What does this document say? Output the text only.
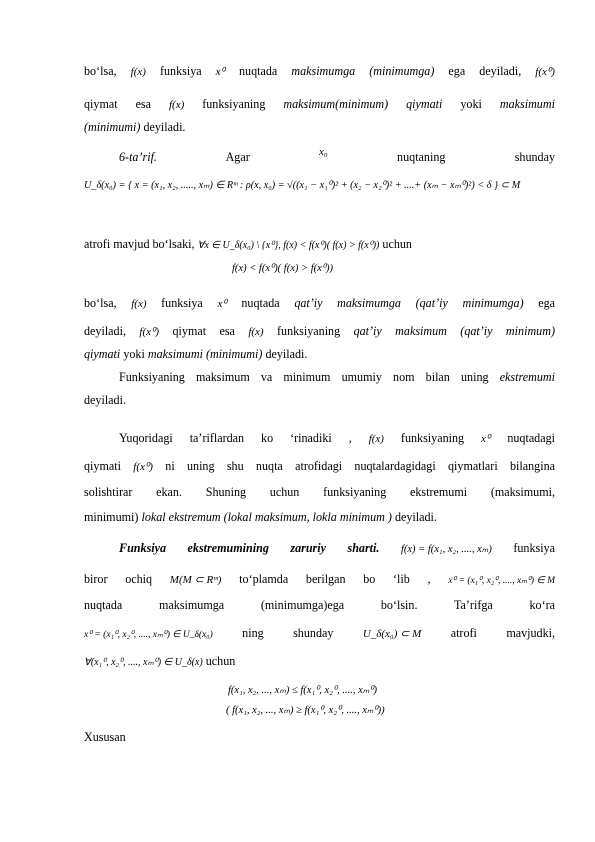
bo‘lsa, f(x) funksiya x⁰ nuqtada maksimumga (minimumga) ega deyiladi, f(x⁰)
qiymat esa f(x) funksiyaning maksimum(minimum) qiymati yoki maksimumi
(minimumi) deyiladi.
6-ta’rif.	Agar	x₀	nuqtaning	shunday
U_δ(x₀) = { x = (x₁, x₂, ....., xₘ) ∈ Rᵐ : ρ(x, x₀) = √((x₁ − x₁⁰)² + (x₂ − x₂⁰)² + ....+ (xₘ − xₘ⁰)²) < δ } ⊂ M
atrofi mavjud bo‘lsaki, ∀x ∈ U_δ(x₀) \ {x⁰}, f(x) < f(x⁰)( f(x) > f(x⁰)) uchun
f(x) < f(x⁰)( f(x) > f(x⁰))
bo‘lsa, f(x) funksiya x⁰ nuqtada qat’iy maksimumga (qat’iy minimumga) ega
deyiladi, f(x⁰) qiymat esa f(x) funksiyaning qat’iy maksimum (qat’iy minimum)
qiymati yoki maksimumi (minimumi) deyiladi.
Funksiyaning maksimum va minimum umumiy nom bilan uning ekstremumi
deyiladi.
Yuqoridagi ta’riflardan ko ‘rinadiki , f(x) funksiyaning x⁰ nuqtadagi
qiymati f(x⁰) ni uning shu nuqta atrofidagi nuqtalardagidagi qiymatlari bilangina
solishtirar ekan. Shuning uchun funksiyaning ekstremumi (maksimumi,
minimumi) lokal ekstremum (lokal maksimum, lokla minimum ) deyiladi.
Funksiya ekstremumining zaruriy sharti. f(x) = f(x₁, x₂, ...., xₘ) funksiya
biror ochiq M(M ⊂ Rᵐ) to‘plamda berilgan bo ‘lib , x⁰ = (x₁⁰, x₂⁰, ...., xₘ⁰) ∈ M
nuqtada maksimumga (minimumga)ega bo‘lsin. Ta’rifga ko‘ra
x⁰ = (x₁⁰, x₂⁰, ...., xₘ⁰) ∈ U_δ(x₀) ning shunday	U_δ(x₀) ⊂ M atrofi mavjudki,
∀(x₁⁰, x₂⁰, ...., xₘ⁰) ∈ U_δ(x) uchun
f(x₁, x₂, ..., xₘ) ≤ f(x₁⁰, x₂⁰, ...., xₘ⁰)
( f(x₁, x₂, ..., xₘ) ≥ f(x₁⁰, x₂⁰, ...., xₘ⁰))
Xususan
